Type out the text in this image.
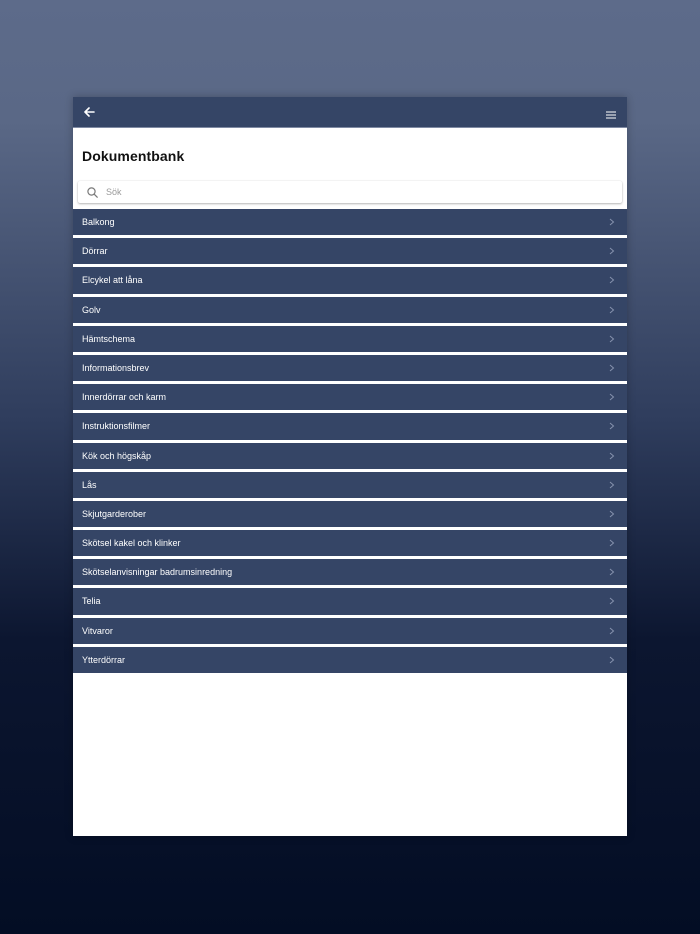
Dokumentbank
Sök
Balkong
Dörrar
Elcykel att låna
Golv
Hämtschema
Informationsbrev
Innerdörrar och karm
Instruktionsfilmer
Kök och högskåp
Lås
Skjutgarderober
Skötsel kakel och klinker
Skötselanvisningar badrumsinredning
Telia
Vitvaror
Ytterdörrar
